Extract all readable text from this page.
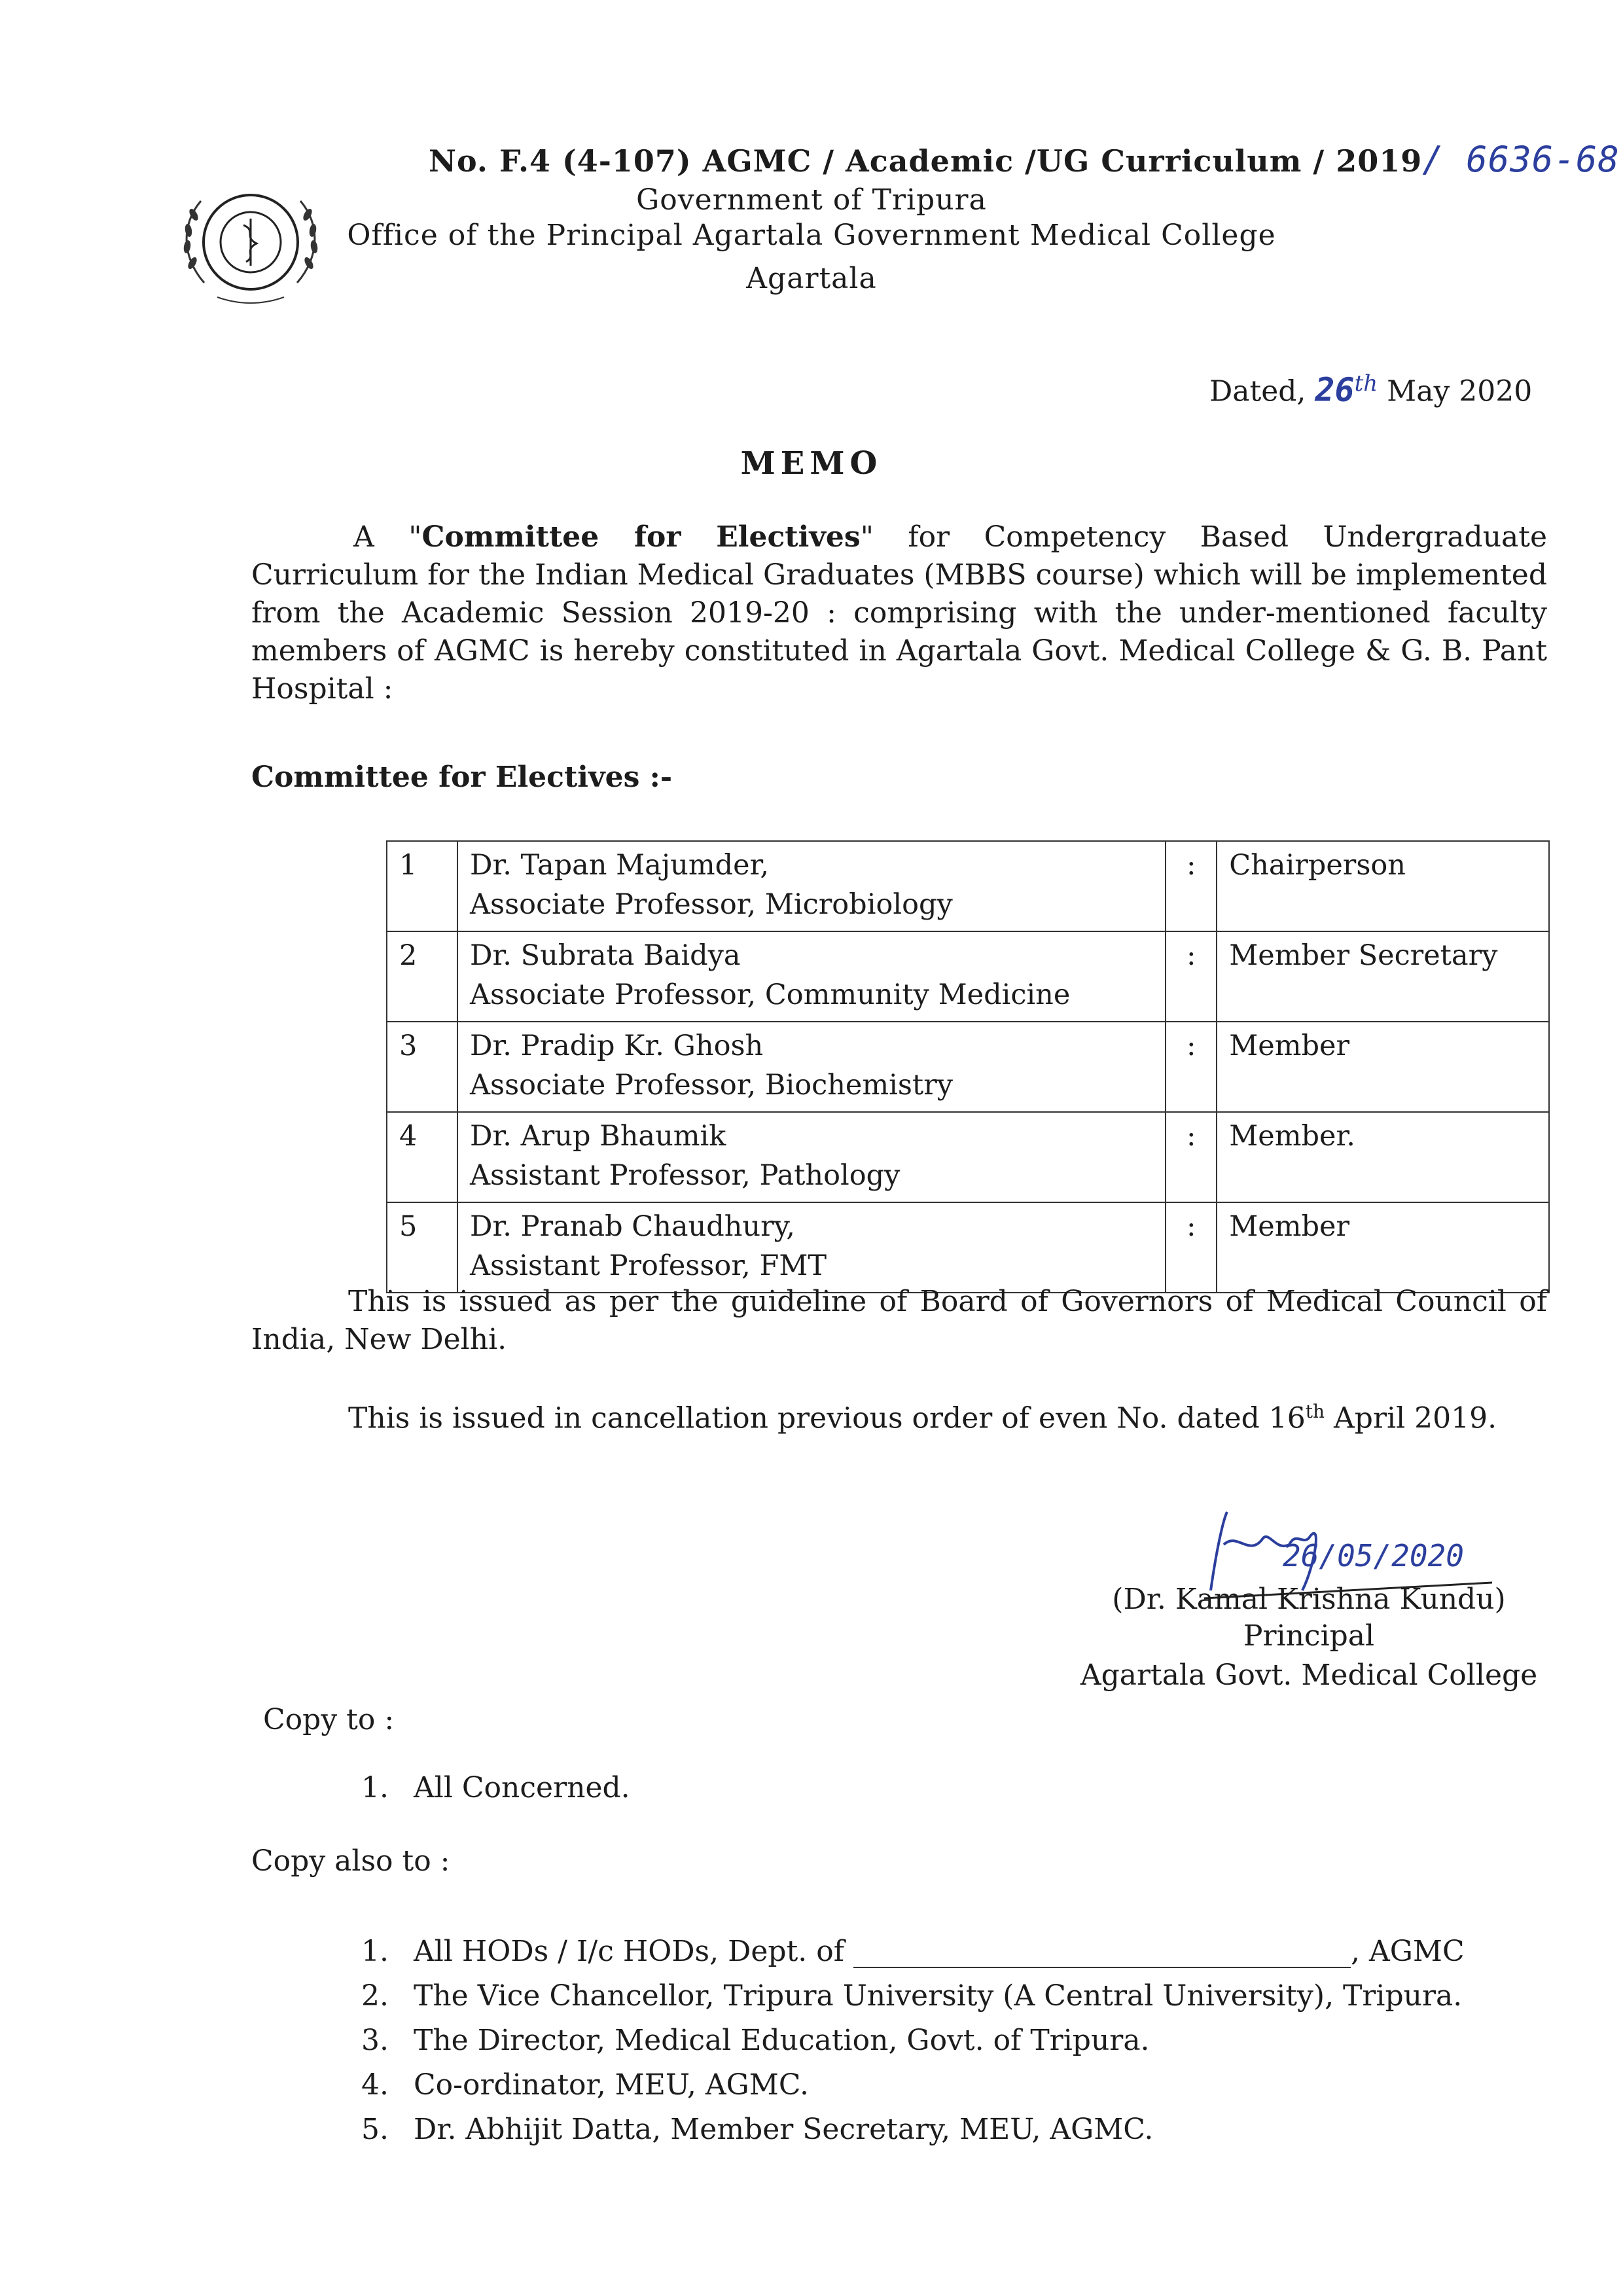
No. F.4 (4-107) AGMC / Academic /UG Curriculum / 2019/ 6636-68
Government of Tripura
Office of the Principal Agartala Government Medical College
Agartala
Dated, 26th May 2020
MEMO
A "Committee for Electives" for Competency Based Undergraduate Curriculum for the Indian Medical Graduates (MBBS course) which will be implemented from the Academic Session 2019-20 : comprising with the under-mentioned faculty members of AGMC is hereby constituted in Agartala Govt. Medical College & G. B. Pant Hospital :
Committee for Electives :-
1	Dr. Tapan Majumder,
Associate Professor, Microbiology	:	Chairperson
2	Dr. Subrata Baidya
Associate Professor, Community Medicine	:	Member Secretary
3	Dr. Pradip Kr. Ghosh
Associate Professor, Biochemistry	:	Member
4	Dr. Arup Bhaumik
Assistant Professor, Pathology	:	Member.
5	Dr. Pranab Chaudhury,
Assistant Professor, FMT	:	Member
This is issued as per the guideline of Board of Governors of Medical Council of India, New Delhi.
This is issued in cancellation previous order of even No. dated 16th April 2019.
26/05/2020
(Dr. Kamal Krishna Kundu)
Principal
Agartala Govt. Medical College
Copy to :
1. All Concerned.
Copy also to :
1. All HODs / I/c HODs, Dept. of	, AGMC
2. The Vice Chancellor, Tripura University (A Central University), Tripura.
3. The Director, Medical Education, Govt. of Tripura.
4. Co-ordinator, MEU, AGMC.
5. Dr. Abhijit Datta, Member Secretary, MEU, AGMC.
